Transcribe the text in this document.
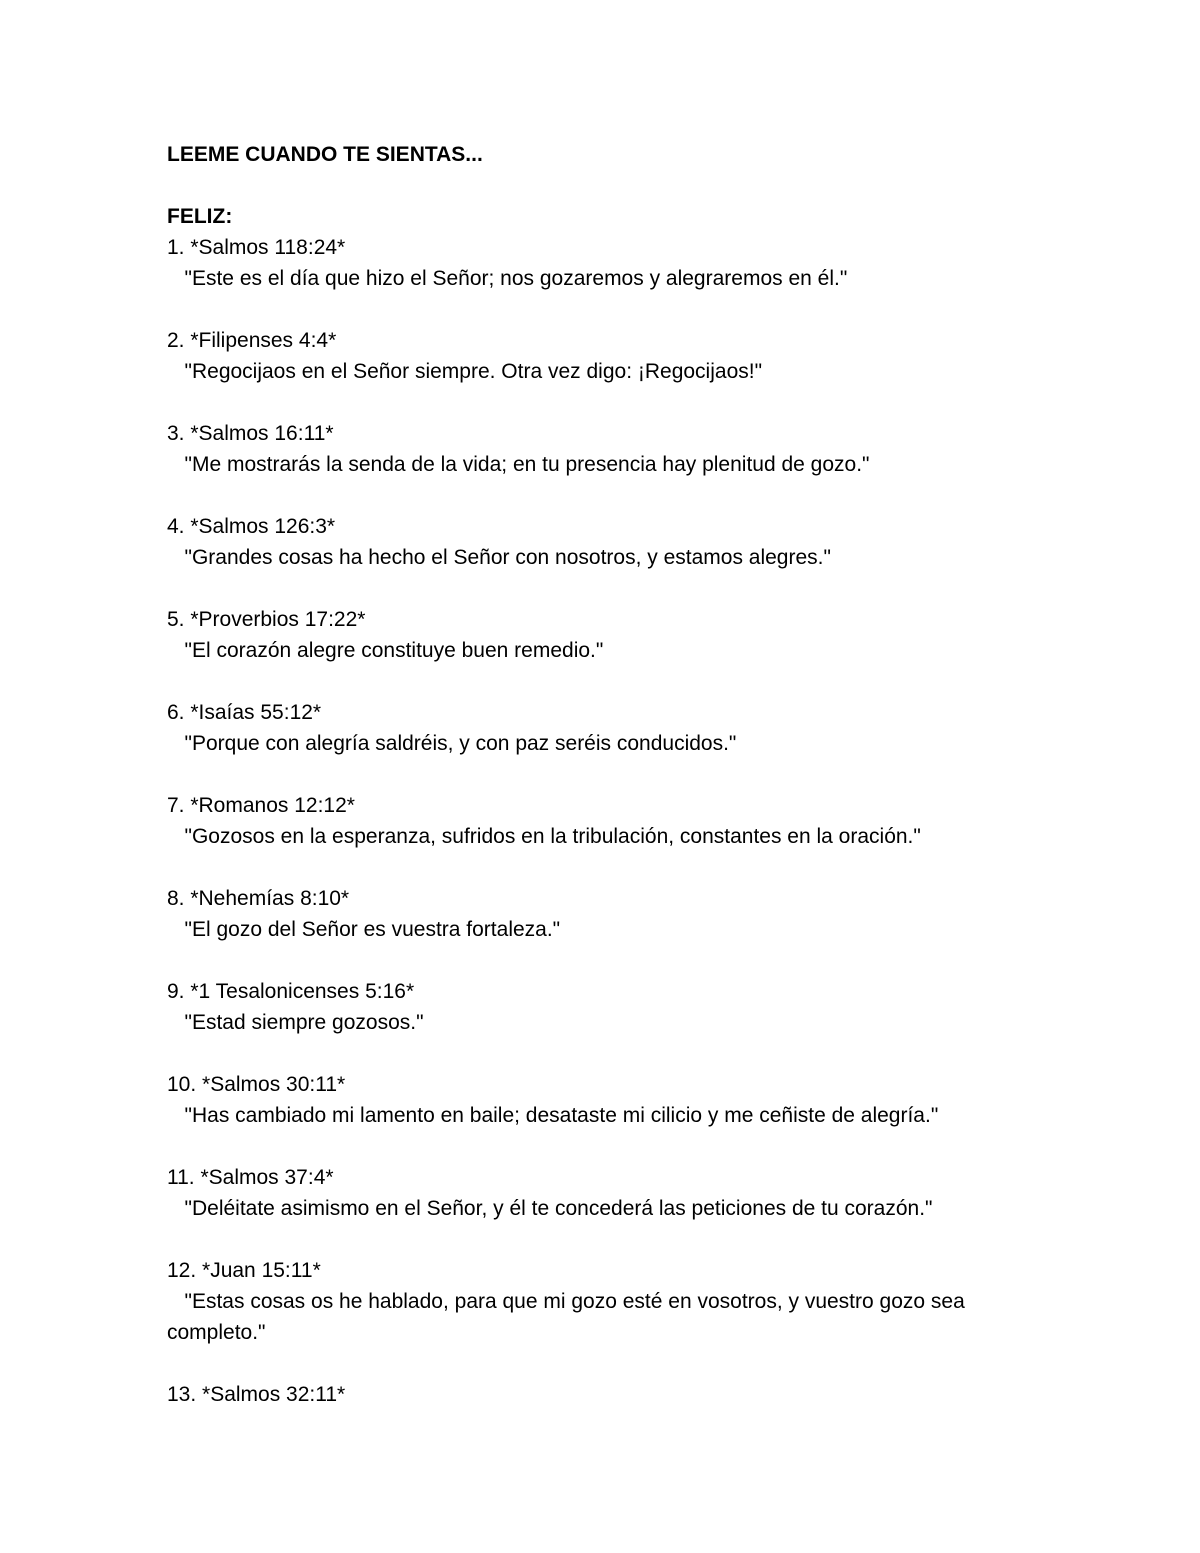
LEEME CUANDO TE SIENTAS...
FELIZ:
1. *Salmos 118:24*
"Este es el día que hizo el Señor; nos gozaremos y alegraremos en él."
2. *Filipenses 4:4*
"Regocijaos en el Señor siempre. Otra vez digo: ¡Regocijaos!"
3. *Salmos 16:11*
"Me mostrarás la senda de la vida; en tu presencia hay plenitud de gozo."
4. *Salmos 126:3*
"Grandes cosas ha hecho el Señor con nosotros, y estamos alegres."
5. *Proverbios 17:22*
"El corazón alegre constituye buen remedio."
6. *Isaías 55:12*
"Porque con alegría saldréis, y con paz seréis conducidos."
7. *Romanos 12:12*
"Gozosos en la esperanza, sufridos en la tribulación, constantes en la oración."
8. *Nehemías 8:10*
"El gozo del Señor es vuestra fortaleza."
9. *1 Tesalonicenses 5:16*
"Estad siempre gozosos."
10. *Salmos 30:11*
"Has cambiado mi lamento en baile; desataste mi cilicio y me ceñiste de alegría."
11. *Salmos 37:4*
"Deléitate asimismo en el Señor, y él te concederá las peticiones de tu corazón."
12. *Juan 15:11*
"Estas cosas os he hablado, para que mi gozo esté en vosotros, y vuestro gozo sea completo."
13. *Salmos 32:11*
